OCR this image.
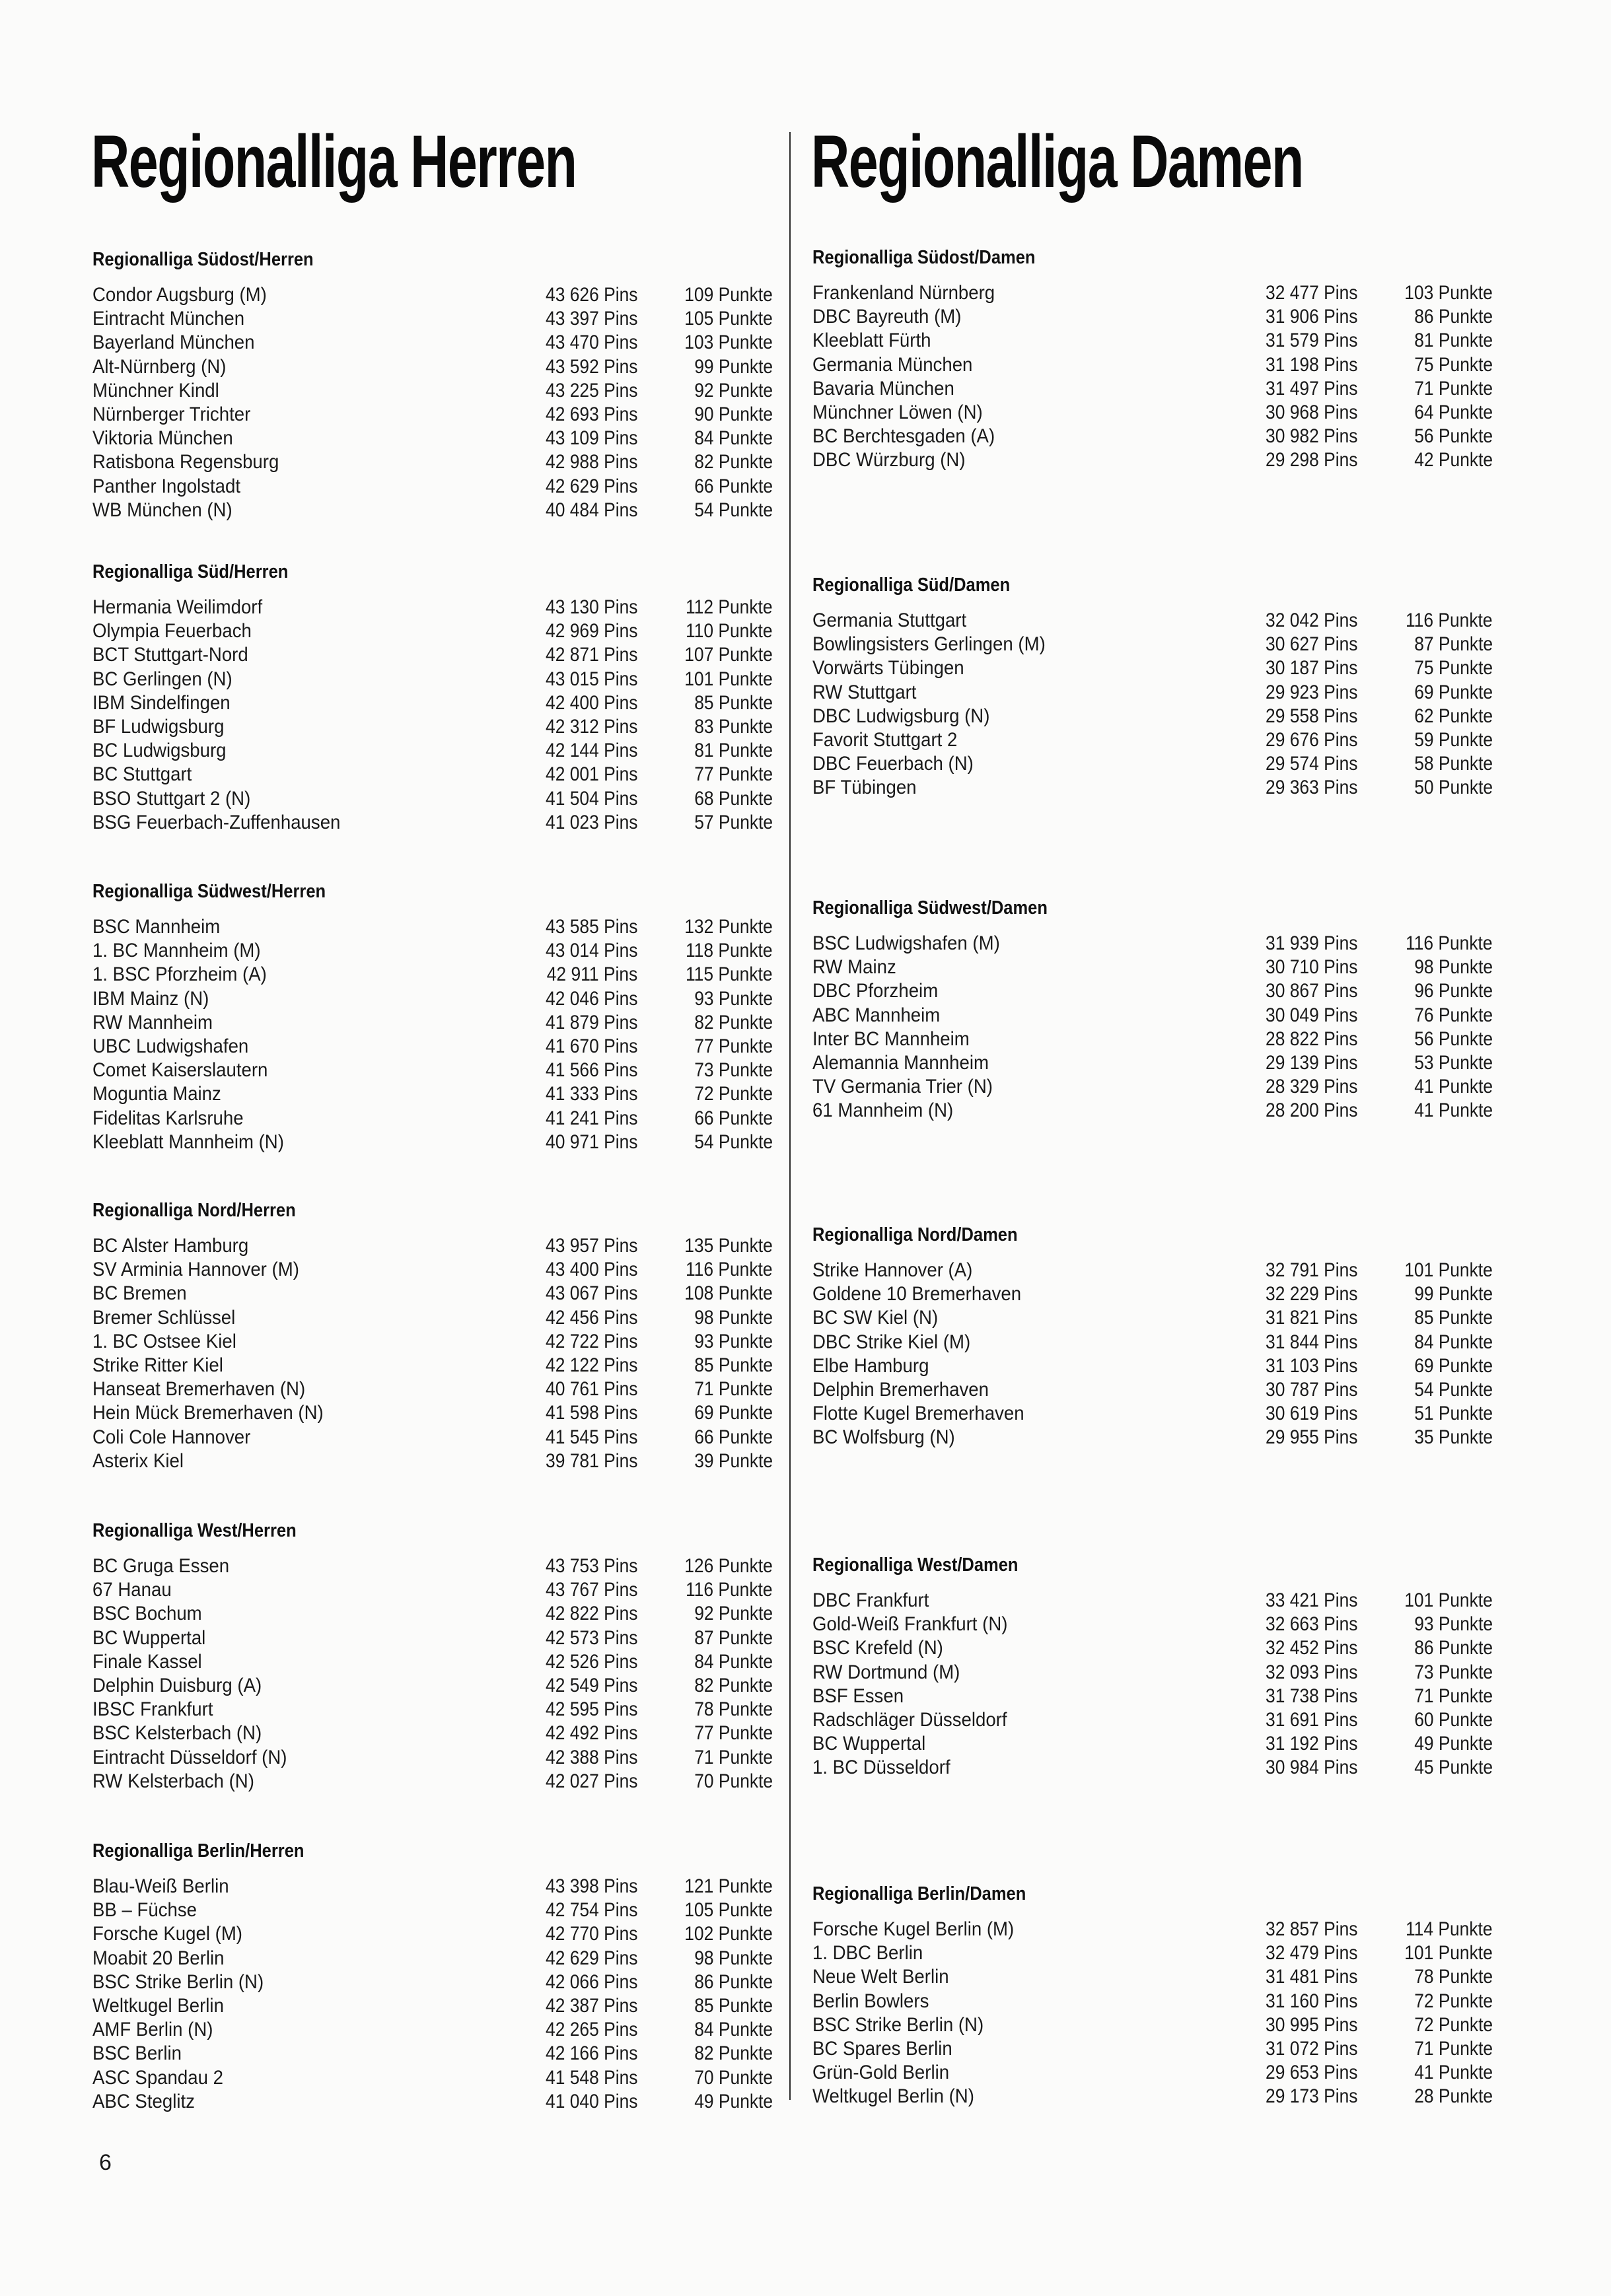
Regionalliga Herren	Regionalliga Damen
Regionalliga Südost/Herren
Condor Augsburg (M)	43 626 Pins 109 Punkte
Eintracht München	43 397 Pins 105 Punkte
Bayerland München	43 470 Pins 103 Punkte
Alt-Nürnberg (N)	43 592 Pins	99 Punkte
Münchner Kindl	43 225 Pins	92 Punkte
Nürnberger Trichter	42 693 Pins	90 Punkte
Viktoria München	43 109 Pins	84 Punkte
Ratisbona Regensburg	42 988 Pins	82 Punkte
Panther Ingolstadt	42 629 Pins	66 Punkte
WB München (N)	40 484 Pins	54 Punkte
Regionalliga Süd/Herren
Hermania Weilimdorf	43 130 Pins 112 Punkte
Olympia Feuerbach	42 969 Pins 110 Punkte
BCT Stuttgart-Nord	42 871 Pins 107 Punkte
BC Gerlingen (N)	43 015 Pins 101 Punkte
IBM Sindelfingen	42 400 Pins	85 Punkte
BF Ludwigsburg	42 312 Pins	83 Punkte
BC Ludwigsburg	42 144 Pins	81 Punkte
BC Stuttgart	42 001 Pins	77 Punkte
BSO Stuttgart 2 (N)	41 504 Pins	68 Punkte
BSG Feuerbach-Zuffenhausen	41 023 Pins	57 Punkte
Regionalliga Südwest/Herren
BSC Mannheim	43 585 Pins 132 Punkte
1. BC Mannheim (M)	43 014 Pins 118 Punkte
1. BSC Pforzheim (A)	42 911 Pins 115 Punkte
IBM Mainz (N)	42 046 Pins	93 Punkte
RW Mannheim	41 879 Pins	82 Punkte
UBC Ludwigshafen	41 670 Pins	77 Punkte
Comet Kaiserslautern	41 566 Pins	73 Punkte
Moguntia Mainz	41 333 Pins	72 Punkte
Fidelitas Karlsruhe	41 241 Pins	66 Punkte
Kleeblatt Mannheim (N)	40 971 Pins	54 Punkte
Regionalliga Nord/Herren
BC Alster Hamburg	43 957 Pins 135 Punkte
SV Arminia Hannover (M)	43 400 Pins 116 Punkte
BC Bremen	43 067 Pins 108 Punkte
Bremer Schlüssel	42 456 Pins	98 Punkte
1. BC Ostsee Kiel	42 722 Pins	93 Punkte
Strike Ritter Kiel	42 122 Pins	85 Punkte
Hanseat Bremerhaven (N)	40 761 Pins	71 Punkte
Hein Mück Bremerhaven (N)	41 598 Pins	69 Punkte
Coli Cole Hannover	41 545 Pins	66 Punkte
Asterix Kiel	39 781 Pins	39 Punkte
Regionalliga West/Herren
BC Gruga Essen	43 753 Pins 126 Punkte
67 Hanau	43 767 Pins 116 Punkte
BSC Bochum	42 822 Pins	92 Punkte
BC Wuppertal	42 573 Pins	87 Punkte
Finale Kassel	42 526 Pins	84 Punkte
Delphin Duisburg (A)	42 549 Pins	82 Punkte
IBSC Frankfurt	42 595 Pins	78 Punkte
BSC Kelsterbach (N)	42 492 Pins	77 Punkte
Eintracht Düsseldorf (N)	42 388 Pins	71 Punkte
RW Kelsterbach (N)	42 027 Pins	70 Punkte
Regionalliga Berlin/Herren
Blau-Weiß Berlin	43 398 Pins 121 Punkte
BB – Füchse	42 754 Pins 105 Punkte
Forsche Kugel (M)	42 770 Pins 102 Punkte
Moabit 20 Berlin	42 629 Pins	98 Punkte
BSC Strike Berlin (N)	42 066 Pins	86 Punkte
Weltkugel Berlin	42 387 Pins	85 Punkte
AMF Berlin (N)	42 265 Pins	84 Punkte
BSC Berlin	42 166 Pins	82 Punkte
ASC Spandau 2	41 548 Pins	70 Punkte
ABC Steglitz	41 040 Pins	49 Punkte
Regionalliga Südost/Damen
Frankenland Nürnberg	32 477 Pins 103 Punkte
DBC Bayreuth (M)	31 906 Pins	86 Punkte
Kleeblatt Fürth	31 579 Pins	81 Punkte
Germania München	31 198 Pins	75 Punkte
Bavaria München	31 497 Pins	71 Punkte
Münchner Löwen (N)	30 968 Pins	64 Punkte
BC Berchtesgaden (A)	30 982 Pins	56 Punkte
DBC Würzburg (N)	29 298 Pins	42 Punkte
Regionalliga Süd/Damen
Germania Stuttgart	32 042 Pins 116 Punkte
Bowlingsisters Gerlingen (M)	30 627 Pins	87 Punkte
Vorwärts Tübingen	30 187 Pins	75 Punkte
RW Stuttgart	29 923 Pins	69 Punkte
DBC Ludwigsburg (N)	29 558 Pins	62 Punkte
Favorit Stuttgart 2	29 676 Pins	59 Punkte
DBC Feuerbach (N)	29 574 Pins	58 Punkte
BF Tübingen	29 363 Pins	50 Punkte
Regionalliga Südwest/Damen
BSC Ludwigshafen (M)	31 939 Pins 116 Punkte
RW Mainz	30 710 Pins	98 Punkte
DBC Pforzheim	30 867 Pins	96 Punkte
ABC Mannheim	30 049 Pins	76 Punkte
Inter BC Mannheim	28 822 Pins	56 Punkte
Alemannia Mannheim	29 139 Pins	53 Punkte
TV Germania Trier (N)	28 329 Pins	41 Punkte
61 Mannheim (N)	28 200 Pins	41 Punkte
Regionalliga Nord/Damen
Strike Hannover (A)	32 791 Pins 101 Punkte
Goldene 10 Bremerhaven	32 229 Pins	99 Punkte
BC SW Kiel (N)	31 821 Pins	85 Punkte
DBC Strike Kiel (M)	31 844 Pins	84 Punkte
Elbe Hamburg	31 103 Pins	69 Punkte
Delphin Bremerhaven	30 787 Pins	54 Punkte
Flotte Kugel Bremerhaven	30 619 Pins	51 Punkte
BC Wolfsburg (N)	29 955 Pins	35 Punkte
Regionalliga West/Damen
DBC Frankfurt	33 421 Pins 101 Punkte
Gold-Weiß Frankfurt (N)	32 663 Pins	93 Punkte
BSC Krefeld (N)	32 452 Pins	86 Punkte
RW Dortmund (M)	32 093 Pins	73 Punkte
BSF Essen	31 738 Pins	71 Punkte
Radschläger Düsseldorf	31 691 Pins	60 Punkte
BC Wuppertal	31 192 Pins	49 Punkte
1. BC Düsseldorf	30 984 Pins	45 Punkte
Regionalliga Berlin/Damen
Forsche Kugel Berlin (M)	32 857 Pins 114 Punkte
1. DBC Berlin	32 479 Pins 101 Punkte
Neue Welt Berlin	31 481 Pins	78 Punkte
Berlin Bowlers	31 160 Pins	72 Punkte
BSC Strike Berlin (N)	30 995 Pins	72 Punkte
BC Spares Berlin	31 072 Pins	71 Punkte
Grün-Gold Berlin	29 653 Pins	41 Punkte
Weltkugel Berlin (N)	29 173 Pins	28 Punkte
6
